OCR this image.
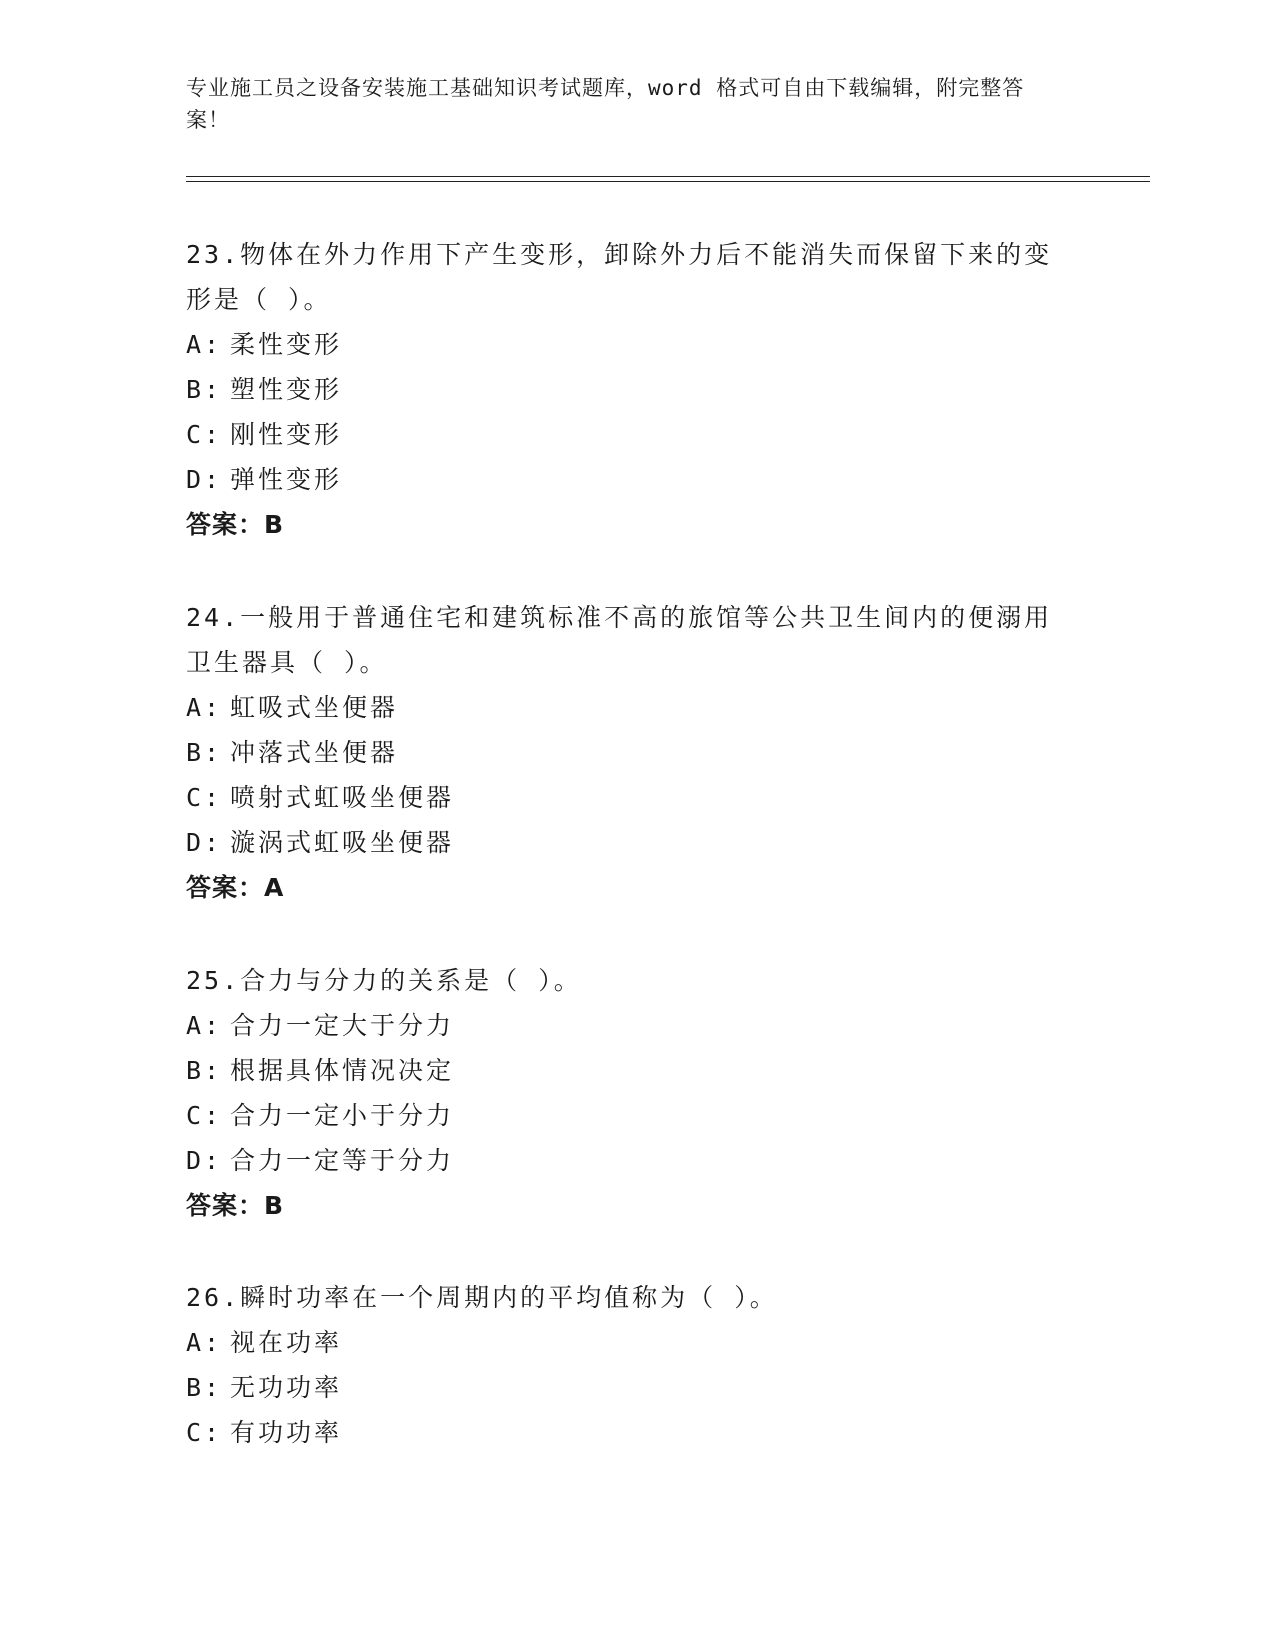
专业施工员之设备安装施工基础知识考试题库，word 格式可自由下载编辑，附完整答案！
23.物体在外力作用下产生变形，卸除外力后不能消失而保留下来的变形是（ ）。
A: 柔性变形
B: 塑性变形
C: 刚性变形
D: 弹性变形
答案：B
24.一般用于普通住宅和建筑标准不高的旅馆等公共卫生间内的便溺用卫生器具（ ）。
A: 虹吸式坐便器
B: 冲落式坐便器
C: 喷射式虹吸坐便器
D: 漩涡式虹吸坐便器
答案：A
25.合力与分力的关系是（ ）。
A: 合力一定大于分力
B: 根据具体情况决定
C: 合力一定小于分力
D: 合力一定等于分力
答案：B
26.瞬时功率在一个周期内的平均值称为（ ）。
A: 视在功率
B: 无功功率
C: 有功功率
